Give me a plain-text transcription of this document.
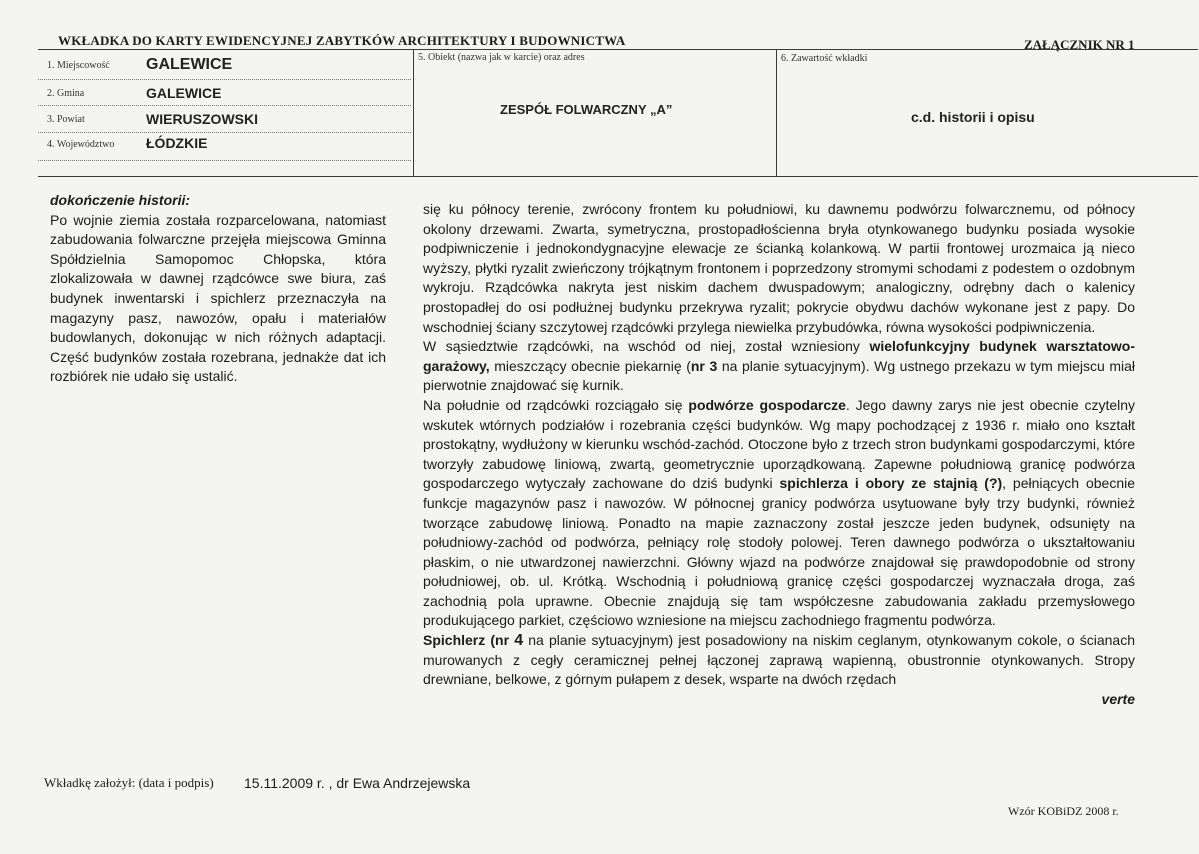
WKŁADKA DO KARTY EWIDENCYJNEJ ZABYTKÓW ARCHITEKTURY I BUDOWNICTWA	ZAŁĄCZNIK NR 1
1. Miejscowość GALEWICE
2. Gmina	GALEWICE
3. Powiat	WIERUSZOWSKI
4. Województwo ŁÓDZKIE
5. Obiekt (nazwa jak w karcie) oraz adres
ZESPÓŁ FOLWARCZNY „A”
6. Zawartość wkładki
c.d. historii i opisu

dokończenie historii:

Po wojnie ziemia została rozparcelowana, natomiast zabudowania folwarczne przejęła miejscowa Gminna Spółdzielnia Samopomoc Chłopska, która zlokalizowała w dawnej rządcówce swe biura, zaś budynek inwentarski i spichlerz przeznaczyła na magazyny pasz, nawozów, opału i materiałów budowlanych, dokonując w nich różnych adaptacji. Część budynków została rozebrana, jednakże dat ich rozbiórek nie udało się ustalić.

się ku północy terenie, zwrócony frontem ku południowi, ku dawnemu podwórzu folwarcznemu, od północy okolony drzewami. Zwarta, symetryczna, prostopadłościenna bryła otynkowanego budynku posiada wysokie podpiwniczenie i jednokondygnacyjne elewacje ze ścianką kolankową. W partii frontowej urozmaica ją nieco wyższy, płytki ryzalit zwieńczony trójkątnym frontonem i poprzedzony stromymi schodami z podestem o ozdobnym wykroju. Rządcówka nakryta jest niskim dachem dwuspadowym; analogiczny, odrębny dach o kalenicy prostopadłej do osi podłużnej budynku przekrywa ryzalit; pokrycie obydwu dachów wykonane jest z papy. Do wschodniej ściany szczytowej rządcówki przylega niewielka przybudówka, równa wysokości podpiwniczenia.

W sąsiedztwie rządcówki, na wschód od niej, został wzniesiony wielofunkcyjny budynek warsztatowo-garażowy, mieszczący obecnie piekarnię (nr 3 na planie sytuacyjnym). Wg ustnego przekazu w tym miejscu miał pierwotnie znajdować się kurnik.

Na południe od rządcówki rozciągało się podwórze gospodarcze. Jego dawny zarys nie jest obecnie czytelny wskutek wtórnych podziałów i rozebrania części budynków. Wg mapy pochodzącej z 1936 r. miało ono kształt prostokątny, wydłużony w kierunku wschód-zachód. Otoczone było z trzech stron budynkami gospodarczymi, które tworzyły zabudowę liniową, zwartą, geometrycznie uporządkowaną. Zapewne południową granicę podwórza gospodarczego wytyczały zachowane do dziś budynki spichlerza i obory ze stajnią (?), pełniących obecnie funkcje magazynów pasz i nawozów. W północnej granicy podwórza usytuowane były trzy budynki, również tworzące zabudowę liniową. Ponadto na mapie zaznaczony został jeszcze jeden budynek, odsunięty na południowy-zachód od podwórza, pełniący rolę stodoły polowej. Teren dawnego podwórza o ukształtowaniu płaskim, o nie utwardzonej nawierzchni. Główny wjazd na podwórze znajdował się prawdopodobnie od strony południowej, ob. ul. Krótką. Wschodnią i południową granicę części gospodarczej wyznaczała droga, zaś zachodnią pola uprawne. Obecnie znajdują się tam współczesne zabudowania zakładu przemysłowego produkującego parkiet, częściowo wzniesione na miejscu zachodniego fragmentu podwórza.

Spichlerz (nr 4 na planie sytuacyjnym) jest posadowiony na niskim ceglanym, otynkowanym cokole, o ścianach murowanych z cegły ceramicznej pełnej łączonej zaprawą wapienną, obustronnie otynkowanych. Stropy drewniane, belkowe, z górnym pułapem z desek, wsparte na dwóch rzędach

verte

Wkładkę założył: (data i podpis) 15.11.2009 r. , dr Ewa Andrzejewska
Wzór KOBiDZ 2008 r.
